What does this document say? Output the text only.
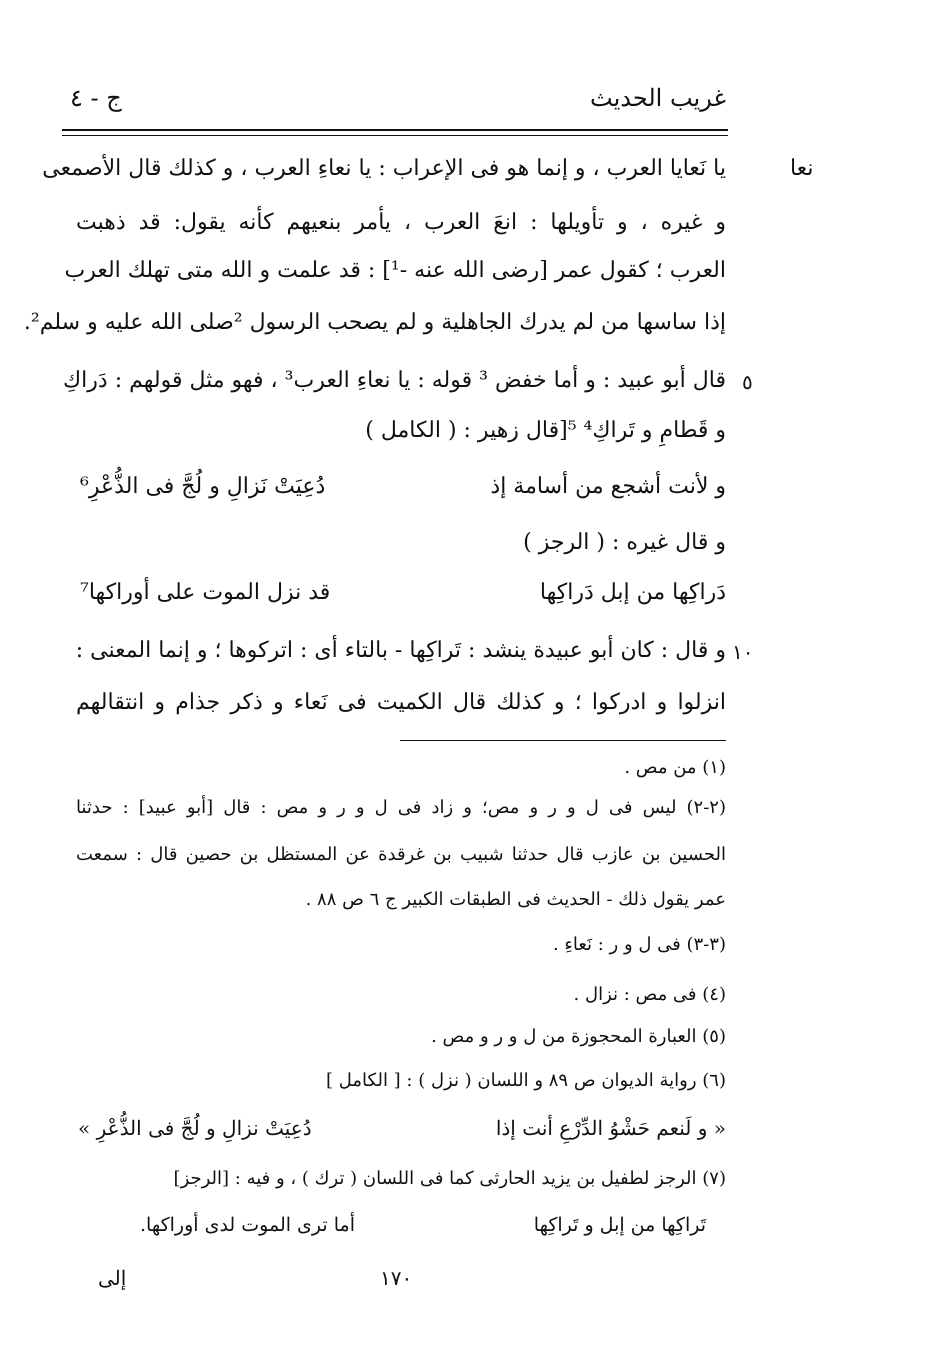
غريب الحديث
ج - ٤
نعا
٥
١٠
يا نَعايا العرب ، و إنما هو فى الإعراب : يا نعاءِ العرب ، و كذلك قال الأصمعى
و غيره ، و تأويلها : انعَ العرب ، يأمر بنعيهم كأنه يقول: قد ذهبت
العرب ؛ كقول عمر [رضى الله عنه -¹] : قد علمت و الله متى تهلك العرب
إذا ساسها من لم يدرك الجاهلية و لم يصحب الرسول ²صلى الله عليه و سلم².
قال أبو عبيد : و أما خفض ³ قوله : يا نعاءِ العرب³ ، فهو مثل قولهم : دَراكِ
و قَطامِ و تَراكِ⁴ ⁵[قال زهير : ( الكامل )
و لأنت أشجع من أسامة إذ
دُعِيَتْ نَزالِ و لُجَّ فى الذُّعْرِ⁶
و قال غيره : ( الرجز )
دَراكِها من إبل دَراكِها
قد نزل الموت على أوراكها⁷
و قال : كان أبو عبيدة ينشد : تَراكِها - بالتاء أى : اتركوها ؛ و إنما المعنى :
انزلوا و ادركوا ؛ و كذلك قال الكميت فى نَعاء و ذكر جذام و انتقالهم
(١) من مص .
(٢-٢) ليس فى ل و ر و مص؛ و زاد فى ل و ر و مص : قال [أبو عبيد] : حدثنا
الحسين بن عازب قال حدثنا شبيب بن غرقدة عن المستظل بن حصين قال : سمعت
عمر يقول ذلك - الحديث فى الطبقات الكبير ج ٦ ص ٨٨ .
(٣-٣) فى ل و ر : نَعاءِ .
(٤) فى مص : نزال .
(٥) العبارة المحجوزة من ل و ر و مص .
(٦) رواية الديوان ص ٨٩ و اللسان ( نزل ) : [ الكامل ]
« و لَنعم حَشْوُ الدِّرْعِ أنت إذا
دُعِيَتْ نزالِ و لُجَّ فى الذُّعْرِ »
(٧) الرجز لطفيل بن يزيد الحارثى كما فى اللسان ( ترك ) ، و فيه : [الرجز]
تَراكِها من إبل و تَراكِها
أما ترى الموت لدى أوراكها.
١٧٠
إلى
